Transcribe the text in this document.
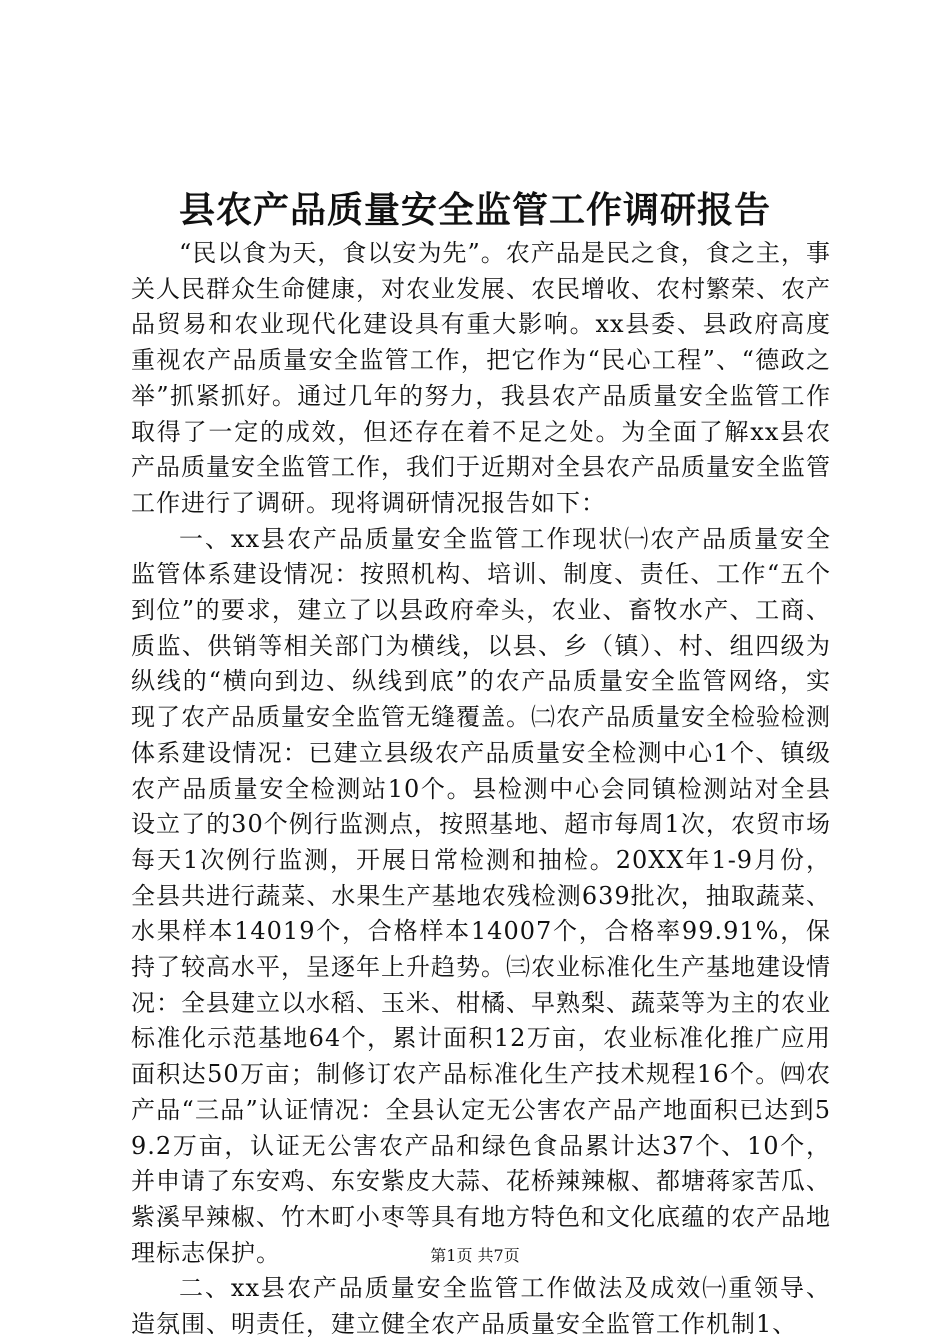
县农产品质量安全监管工作调研报告

“民以食为天，食以安为先”。农产品是民之食，食之主，事关人民群众生命健康，对农业发展、农民增收、农村繁荣、农产品贸易和农业现代化建设具有重大影响。xx县委、县政府高度重视农产品质量安全监管工作，把它作为“民心工程”、“德政之举”抓紧抓好。通过几年的努力，我县农产品质量安全监管工作取得了一定的成效，但还存在着不足之处。为全面了解xx县农产品质量安全监管工作，我们于近期对全县农产品质量安全监管工作进行了调研。现将调研情况报告如下：

一、xx县农产品质量安全监管工作现状㈠农产品质量安全监管体系建设情况：按照机构、培训、制度、责任、工作“五个到位”的要求，建立了以县政府牵头，农业、畜牧水产、工商、质监、供销等相关部门为横线，以县、乡（镇）、村、组四级为纵线的“横向到边、纵线到底”的农产品质量安全监管网络，实现了农产品质量安全监管无缝覆盖。㈡农产品质量安全检验检测体系建设情况：已建立县级农产品质量安全检测中心1个、镇级农产品质量安全检测站10个。县检测中心会同镇检测站对全县设立了的30个例行监测点，按照基地、超市每周1次，农贸市场每天1次例行监测，开展日常检测和抽检。20XX年1-9月份，全县共进行蔬菜、水果生产基地农残检测639批次，抽取蔬菜、水果样本14019个，合格样本14007个，合格率99.91%，保持了较高水平，呈逐年上升趋势。㈢农业标准化生产基地建设情况：全县建立以水稻、玉米、柑橘、早熟梨、蔬菜等为主的农业标准化示范基地64个，累计面积12万亩，农业标准化推广应用面积达50万亩；制修订农产品标准化生产技术规程16个。㈣农产品“三品”认证情况：全县认定无公害农产品产地面积已达到59.2万亩，认证无公害农产品和绿色食品累计达37个、10个，并申请了东安鸡、东安紫皮大蒜、花桥辣辣椒、都塘蒋家苦瓜、紫溪早辣椒、竹木町小枣等具有地方特色和文化底蕴的农产品地理标志保护。

二、xx县农产品质量安全监管工作做法及成效㈠重领导、造氛围、明责任，建立健全农产品质量安全监管工作机制1、

第1页 共7页
